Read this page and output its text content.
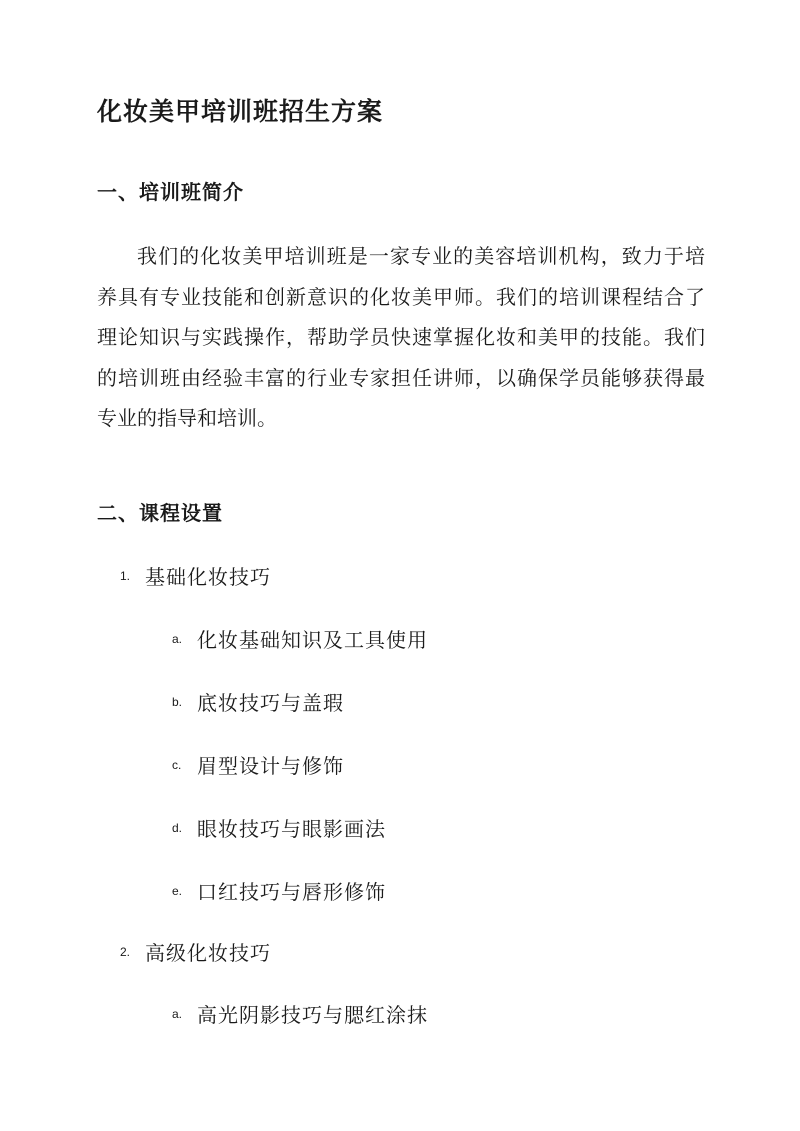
化妆美甲培训班招生方案
一、培训班简介

我们的化妆美甲培训班是一家专业的美容培训机构，致力于培
养具有专业技能和创新意识的化妆美甲师。我们的培训课程结合了
理论知识与实践操作，帮助学员快速掌握化妆和美甲的技能。我们
的培训班由经验丰富的行业专家担任讲师，以确保学员能够获得最
专业的指导和培训。

二、课程设置
1. 基础化妆技巧
a. 化妆基础知识及工具使用
b. 底妆技巧与盖瑕
c. 眉型设计与修饰
d. 眼妆技巧与眼影画法
e. 口红技巧与唇形修饰
2. 高级化妆技巧
a. 高光阴影技巧与腮红涂抹
